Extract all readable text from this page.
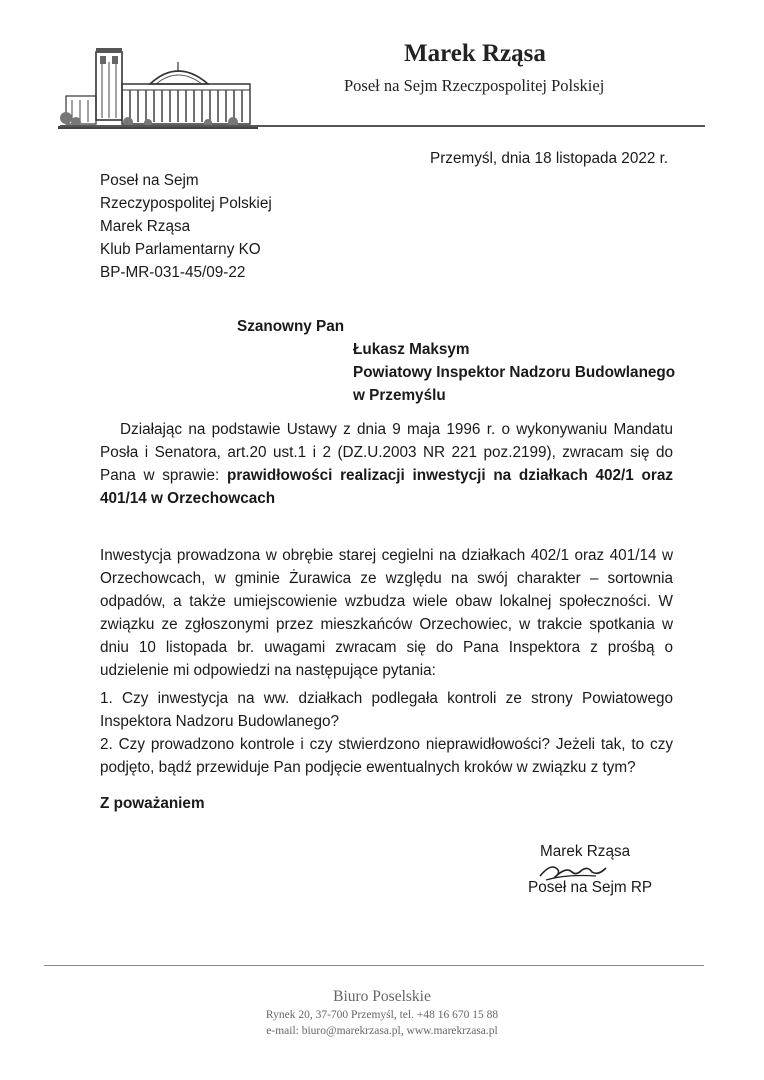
Marek Rząsa
Poseł na Sejm Rzeczpospolitej Polskiej
Przemyśl, dnia 18 listopada 2022 r.
Poseł na Sejm
Rzeczypospolitej Polskiej
Marek Rząsa
Klub Parlamentarny KO
BP-MR-031-45/09-22
Szanowny Pan
Łukasz Maksym
Powiatowy Inspektor Nadzoru Budowlanego
w Przemyślu
Działając na podstawie Ustawy z dnia 9 maja 1996 r. o wykonywaniu Mandatu Posła i Senatora, art.20 ust.1 i 2 (DZ.U.2003 NR 221 poz.2199), zwracam się do Pana w sprawie: prawidłowości realizacji inwestycji na działkach 402/1 oraz 401/14 w Orzechowcach
Inwestycja prowadzona w obrębie starej cegielni na działkach 402/1 oraz 401/14 w Orzechowcach, w gminie Żurawica ze względu na swój charakter – sortownia odpadów, a także umiejscowienie wzbudza wiele obaw lokalnej społeczności. W związku ze zgłoszonymi przez mieszkańców Orzechowiec, w trakcie spotkania w dniu 10 listopada br. uwagami zwracam się do Pana Inspektora z prośbą o udzielenie mi odpowiedzi na następujące pytania:
1. Czy inwestycja na ww. działkach podlegała kontroli ze strony Powiatowego Inspektora Nadzoru Budowlanego?
2. Czy prowadzono kontrole i czy stwierdzono nieprawidłowości? Jeżeli tak, to czy podjęto, bądź przewiduje Pan podjęcie ewentualnych kroków w związku z tym?
Z poważaniem
Marek Rząsa
Poseł na Sejm RP
Biuro Poselskie
Rynek 20, 37-700 Przemyśl, tel. +48 16 670 15 88
e-mail: biuro@marekrzasa.pl, www.marekrzasa.pl
